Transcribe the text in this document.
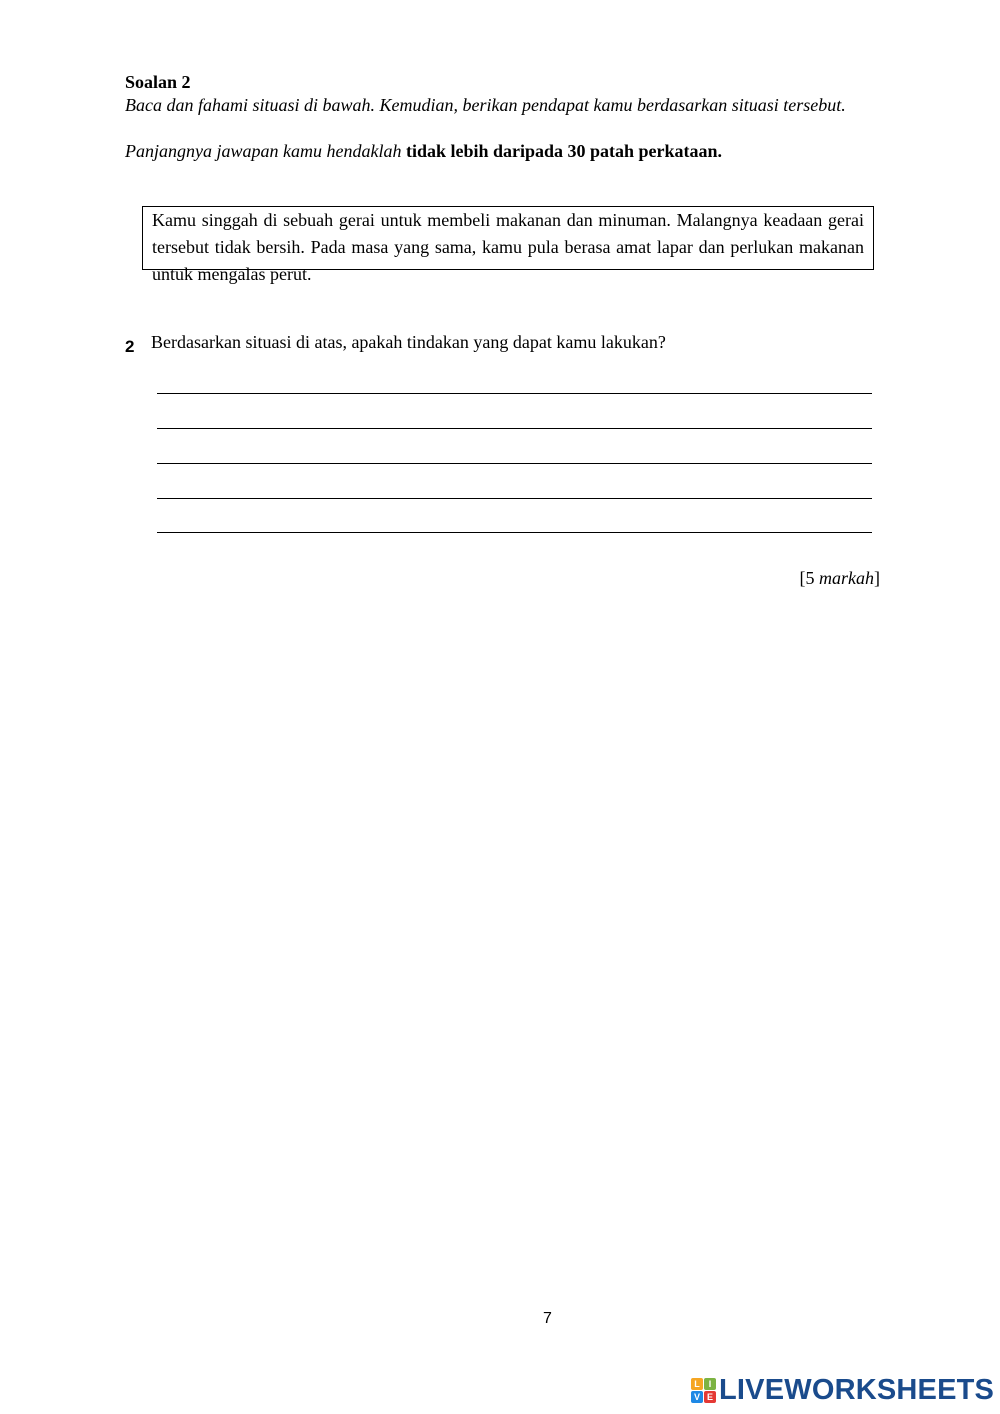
Soalan 2
Baca dan fahami situasi di bawah. Kemudian, berikan pendapat kamu berdasarkan situasi tersebut.
Panjangnya jawapan kamu hendaklah tidak lebih daripada 30 patah perkataan.
Kamu singgah di sebuah gerai untuk membeli makanan dan minuman. Malangnya keadaan gerai tersebut tidak bersih. Pada masa yang sama, kamu pula berasa amat lapar dan perlukan makanan untuk mengalas perut.
2 Berdasarkan situasi di atas, apakah tindakan yang dapat kamu lakukan?
[5 markah]
7
L I
V E LIVEWORKSHEETS
